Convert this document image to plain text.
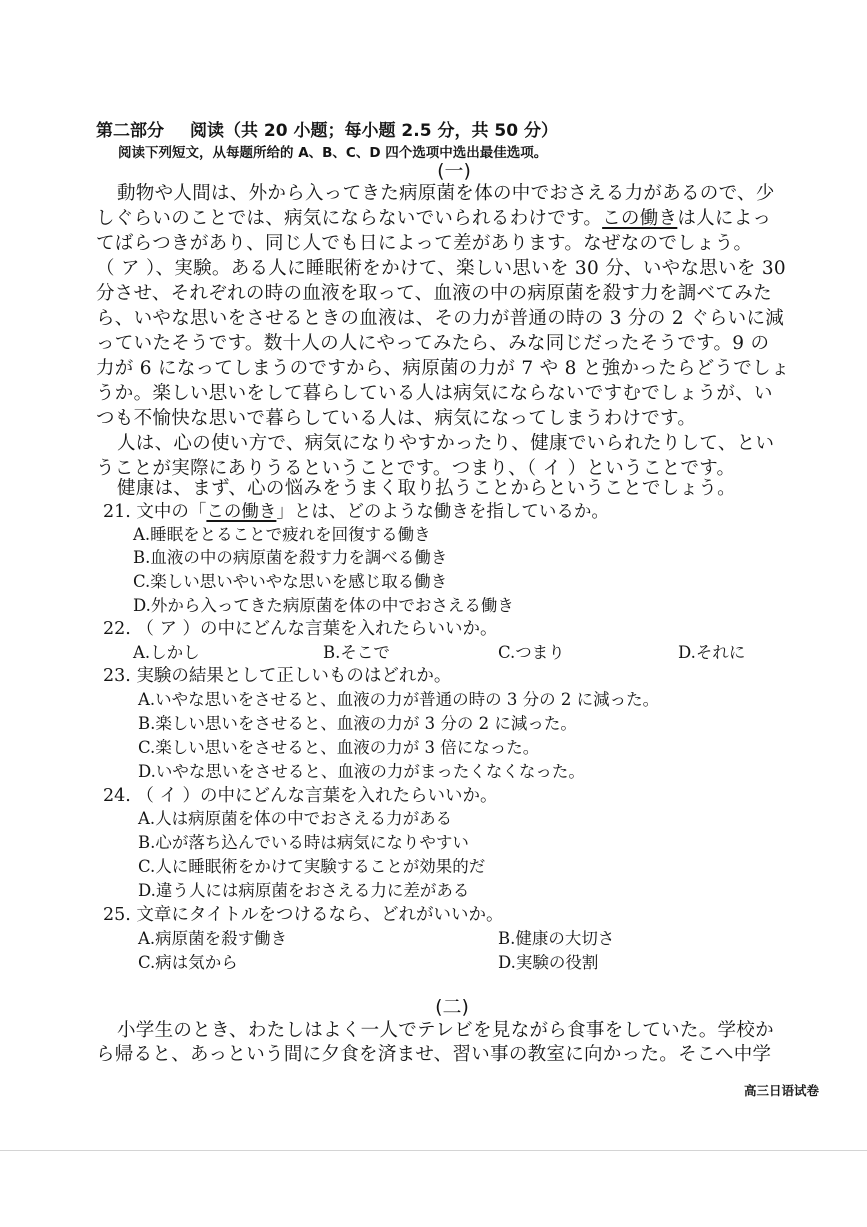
第二部分 阅读（共 20 小题；每小题 2.5 分，共 50 分）
阅读下列短文，从每题所给的 A、B、C、D 四个选项中选出最佳选项。
(一)
動物や人間は、外から入ってきた病原菌を体の中でおさえる力があるので、少
しぐらいのことでは、病気にならないでいられるわけです。この働きは人によっ
てばらつきがあり、同じ人でも日によって差があります。なぜなのでしょう。
（ ア ）、実験。ある人に睡眠術をかけて、楽しい思いを 30 分、いやな思いを 30
分させ、それぞれの時の血液を取って、血液の中の病原菌を殺す力を調べてみた
ら、いやな思いをさせるときの血液は、その力が普通の時の 3 分の 2 ぐらいに減
っていたそうです。数十人の人にやってみたら、みな同じだったそうです。9 の
力が 6 になってしまうのですから、病原菌の力が 7 や 8 と強かったらどうでしょ
うか。楽しい思いをして暮らしている人は病気にならないですむでしょうが、い
つも不愉快な思いで暮らしている人は、病気になってしまうわけです。
人は、心の使い方で、病気になりやすかったり、健康でいられたりして、とい
うことが実際にありうるということです。つまり、（ イ ）ということです。
健康は、まず、心の悩みをうまく取り払うことからということでしょう。
21. 文中の「この働き」とは、どのような働きを指しているか。
A.睡眠をとることで疲れを回復する働き
B.血液の中の病原菌を殺す力を調べる働き
C.楽しい思いやいやな思いを感じ取る働き
D.外から入ってきた病原菌を体の中でおさえる働き
22. （ ア ）の中にどんな言葉を入れたらいいか。
A.しかし	B.そこで	C.つまり	D.それに
23. 実験の結果として正しいものはどれか。
A.いやな思いをさせると、血液の力が普通の時の 3 分の 2 に減った。
B.楽しい思いをさせると、血液の力が 3 分の 2 に減った。
C.楽しい思いをさせると、血液の力が 3 倍になった。
D.いやな思いをさせると、血液の力がまったくなくなった。
24. （ イ ）の中にどんな言葉を入れたらいいか。
A.人は病原菌を体の中でおさえる力がある
B.心が落ち込んでいる時は病気になりやすい
C.人に睡眠術をかけて実験することが効果的だ
D.違う人には病原菌をおさえる力に差がある
25. 文章にタイトルをつけるなら、どれがいいか。
A.病原菌を殺す働き	B.健康の大切さ
C.病は気から	D.実験の役割
(二)
小学生のとき、わたしはよく一人でテレビを見ながら食事をしていた。学校か
ら帰ると、あっという間に夕食を済ませ、習い事の教室に向かった。そこへ中学
高三日语试卷
